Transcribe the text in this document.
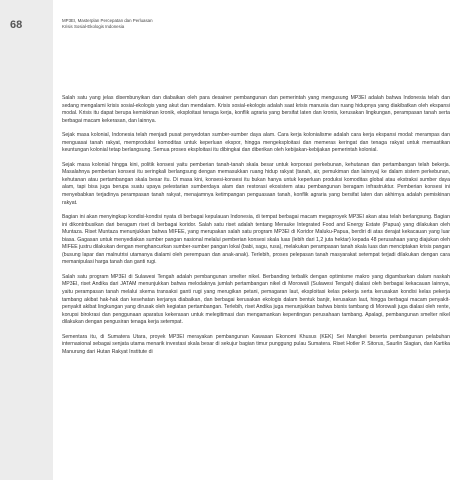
68	MP3EI, Masterplan Percepatan dan Perluasan
Krisis Sosial-Ekologis Indonesia

Salah satu yang jelas disembunyikan dan diabaikan oleh para desainer pembangunan dan pemerintah yang mengusung MP3EI adalah bahwa Indonesia telah dan sedang mengalami krisis sosial-ekologis yang akut dan mendalam. Krisis sosial-ekologis adalah saat krisis manusia dan ruang hidupnya yang diakibatkan oleh ekspansi modal. Krisis itu dapat berupa kemiskinan kronik, eksploitasi tenaga kerja, konflik agraria yang bersifat laten dan kronis, kerusakan lingkungan, perampasan tanah serta berbagai macam kekerasan, dan lainnya.

Sejak masa kolonial, Indonesia telah menjadi pusat penyedotan sumber-sumber daya alam. Cara kerja kolonialisme adalah cara kerja ekspansi modal: merampas dan menguasai tanah rakyat, memproduksi komoditas untuk keperluan ekspor, hingga mengeksploitasi dan memeras keringat dan tenaga rakyat untuk memastikan keuntungan kolonial tetap berlangsung. Semua proses eksploitasi itu dibingkai dan diberikan oleh kebijakan-kebijakan pemerintah kolonial.

Sejak masa kolonial hingga kini, politik konsesi yaitu pemberian tanah-tanah skala besar untuk korporasi perkebunan, kehutanan dan pertambangan telah bekerja. Masalahnya pemberian konsesi itu seringkali berlangsung dengan memasukkan ruang hidup rakyat (tanah, air, pemukiman dan lainnya) ke dalam sistem perkebunan, kehutanan atau pertambangan skala besar itu. Di masa kini, konsesi-konsesi itu bukan hanya untuk keperluan produksi komoditas global atau ekstraksi sumber daya alam, tapi bisa juga berupa suatu upaya pelestarian sumberdaya alam dan restorasi ekosistem atau pembangunan beragam infrastruktur. Pemberian konsesi ini menyebabkan terjadinya perampasan tanah rakyat, menajamnya ketimpangan penguasaan tanah, konflik agraria yang bersifat laten dan akhirnya adalah pemiskinan rakyat.

Bagian ini akan menyingkap kondisi-kondisi nyata di berbagai kepulauan Indonesia, di tempat berbagai macam megaproyek MP3EI akan atau telah berlangsung. Bagian ini dikontribusikan dari beragam riset di berbagai koridor. Salah satu riset adalah tentang Merauke Integrated Food and Energy Estate (Papua) yang dilakukan oleh Muntaza. Riset Muntaza menunjukkan bahwa MIFEE, yang merupakan salah satu program MP3EI di Koridor Maluku-Papua, berdiri di atas derajat kekacauan yang luar biasa. Gagasan untuk menyediakan sumber pangan nasional melalui pemberian konsesi skala luas (lebih dari 1,2 juta hektar) kepada 48 perusahaan yang diajukan oleh MIFEE justru dilakukan dengan menghancurkan sumber-sumber pangan lokal (babi, sagu, rusa), melakukan perampasan tanah skala luas dan menciptakan krisis pangan (busung lapar dan malnutrisi utamanya dialami oleh perempuan dan anak-anak). Terlebih, proses pelepasan tanah masyarakat setempat terjadi dilakukan dengan cara memanipulasi harga tanah dan ganti rugi.

Salah satu program MP3EI di Sulawesi Tengah adalah pembangunan smelter nikel. Berbanding terbalik dengan optimisme makro yang digambarkan dalam naskah MP3EI, riset Andika dari JATAM menunjukkan bahwa melodaknya jumlah pertambangan nikel di Morowali (Sulawesi Tengah) dialasi oleh berbagai kekacauan lainnya, yaitu perampasan tanah melalui skema transaksi ganti rugi yang merugikan petani, pemagaran laut, eksploitasi kelas pekerja serta kerusakan kondisi kelas pekerja tambang akibat hak-hak dan kesehatan kerjanya diabaikan, dan berbagai kerusakan ekologis dalam bentuk banjir, kerusakan laut, hingga berbagai macam penyakit-penyakit akibat lingkungan yang dirusak oleh kegiatan pertambangan. Terlebih, riset Andika juga menunjukkan bahwa bisnis tambang di Morowali juga dialasi oleh rente, korupsi birokrasi dan penggunaan aparatus kekerasan untuk melegitimasi dan mengamankan kepentingan perusahaan tambang. Apalagi, pembangunan smelter nikel dilakukan dengan pengusiran tenaga kerja setempat.

Sementara itu, di Sumatera Utara, proyek MP3EI merayakan pembangunan Kawasan Ekonomi Khusus (KEK) Sei Mangkei beserta pembangunan pelabuhan internasional sebagai senjata utama menarik investasi skala besar di sekujur bagian timur punggung pulau Sumatera. Riset Hotler P. Sitorus, Saurlin Siagian, dan Kartika Manurung dari Hutan Rakyat Institute di
